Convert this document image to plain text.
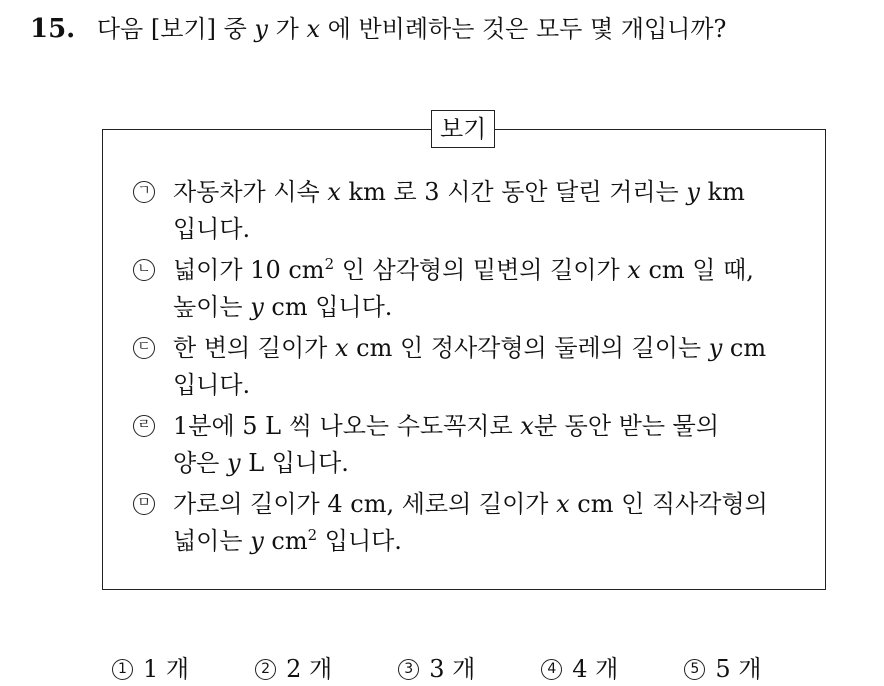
15. 다음 [보기] 중 y 가 x 에 반비례하는 것은 모두 몇 개입니까?
보기
ㄱ 자동차가 시속 x km 로 3 시간 동안 달린 거리는 y km
입니다.
ㄴ 넓이가 10 $cm^2$ 인 삼각형의 밑변의 길이가 x cm 일 때,
높이는 y cm 입니다.
ㄷ 한 변의 길이가 x cm 인 정사각형의 둘레의 길이는 y cm
입니다.
ㄹ 1분에 5 L 씩 나오는 수도꼭지로 x분 동안 받는 물의
양은 y L 입니다.
ㅁ 가로의 길이가 4 cm, 세로의 길이가 x cm 인 직사각형의
넓이는 y $cm^2$ 입니다.
1 1 개	2 2 개	3 3 개	4 4 개	5 5 개
